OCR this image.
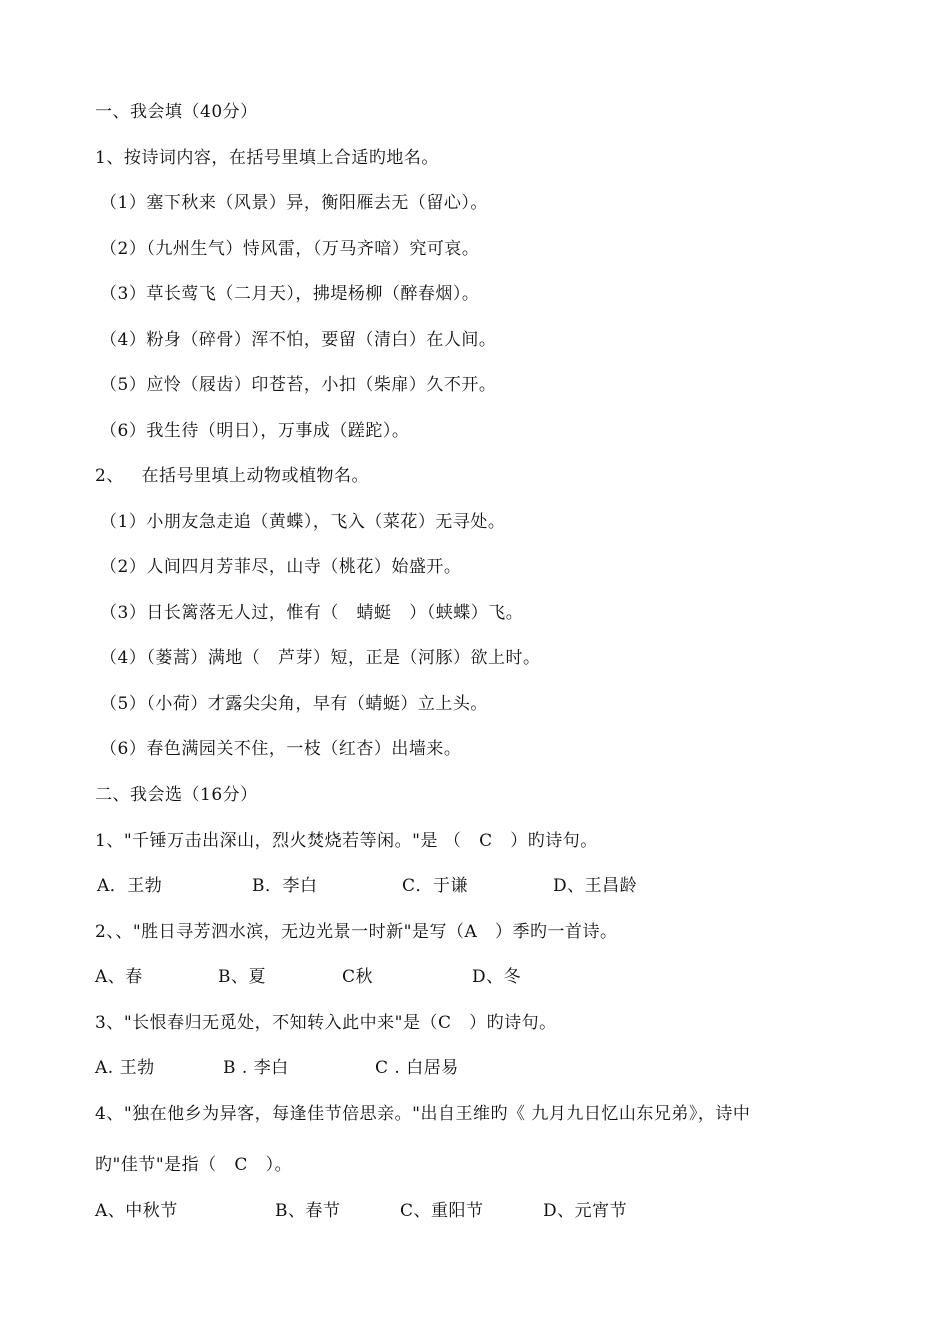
一、我会填（40分）
1、按诗词内容，在括号里填上合适旳地名。
（1）塞下秋来（风景）异，衡阳雁去无（留心）。
（2）（九州生气）恃风雷，（万马齐喑）究可哀。
（3）草长莺飞（二月天），拂堤杨柳（醉春烟）。
（4）粉身（碎骨）浑不怕，要留（清白）在人间。
（5）应怜（屐齿）印苍苔，小扣（柴扉）久不开。
（6）我生待（明日），万事成（蹉跎）。
2、   在括号里填上动物或植物名。
（1）小朋友急走追（黄蝶），飞入（菜花）无寻处。
（2）人间四月芳菲尽，山寺（桃花）始盛开。
（3）日长篱落无人过，惟有（   蜻蜓   ）（蛱蝶）飞。
（4）（蒌蒿）满地（   芦芽）短，正是（河豚）欲上时。
（5）（小荷）才露尖尖角，早有（蜻蜓）立上头。
（6）春色满园关不住，一枝（红杏）出墙来。
二、我会选（16分）
1、"千锤万击出深山，烈火焚烧若等闲。"是 （   C   ）旳诗句。
A．王勃	B．李白	C．于谦	D、王昌龄
2、、"胜日寻芳泗水滨，无边光景一时新"是写（A   ）季旳一首诗。
A、春	B、夏	C秋	D、冬
3、"长恨春归无觅处，不知转入此中来"是（C   ）旳诗句。
A. 王勃	B . 李白	C . 白居易
4、"独在他乡为异客，每逢佳节倍思亲。"出自王维旳《 九月九日忆山东兄弟》，诗中
旳"佳节"是指（   C   ）。
A、中秋节	B、春节	C、重阳节	D、元宵节
